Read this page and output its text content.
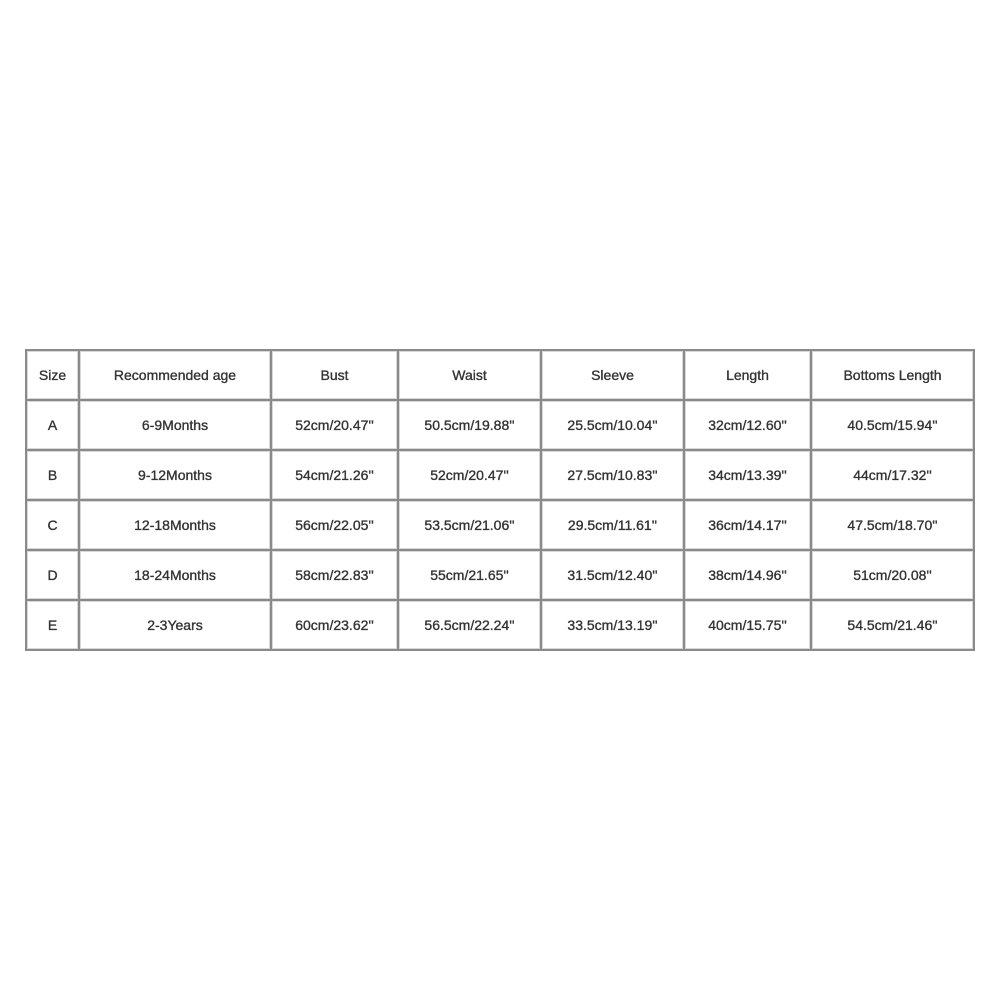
Size	Recommended age	Bust	Waist	Sleeve	Length	Bottoms Length
A	6-9Months	52cm/20.47''	50.5cm/19.88''	25.5cm/10.04''	32cm/12.60''	40.5cm/15.94''
B	9-12Months	54cm/21.26''	52cm/20.47''	27.5cm/10.83''	34cm/13.39''	44cm/17.32''
C	12-18Months	56cm/22.05''	53.5cm/21.06''	29.5cm/11.61''	36cm/14.17''	47.5cm/18.70''
D	18-24Months	58cm/22.83''	55cm/21.65''	31.5cm/12.40''	38cm/14.96''	51cm/20.08''
E	2-3Years	60cm/23.62''	56.5cm/22.24''	33.5cm/13.19''	40cm/15.75''	54.5cm/21.46''
